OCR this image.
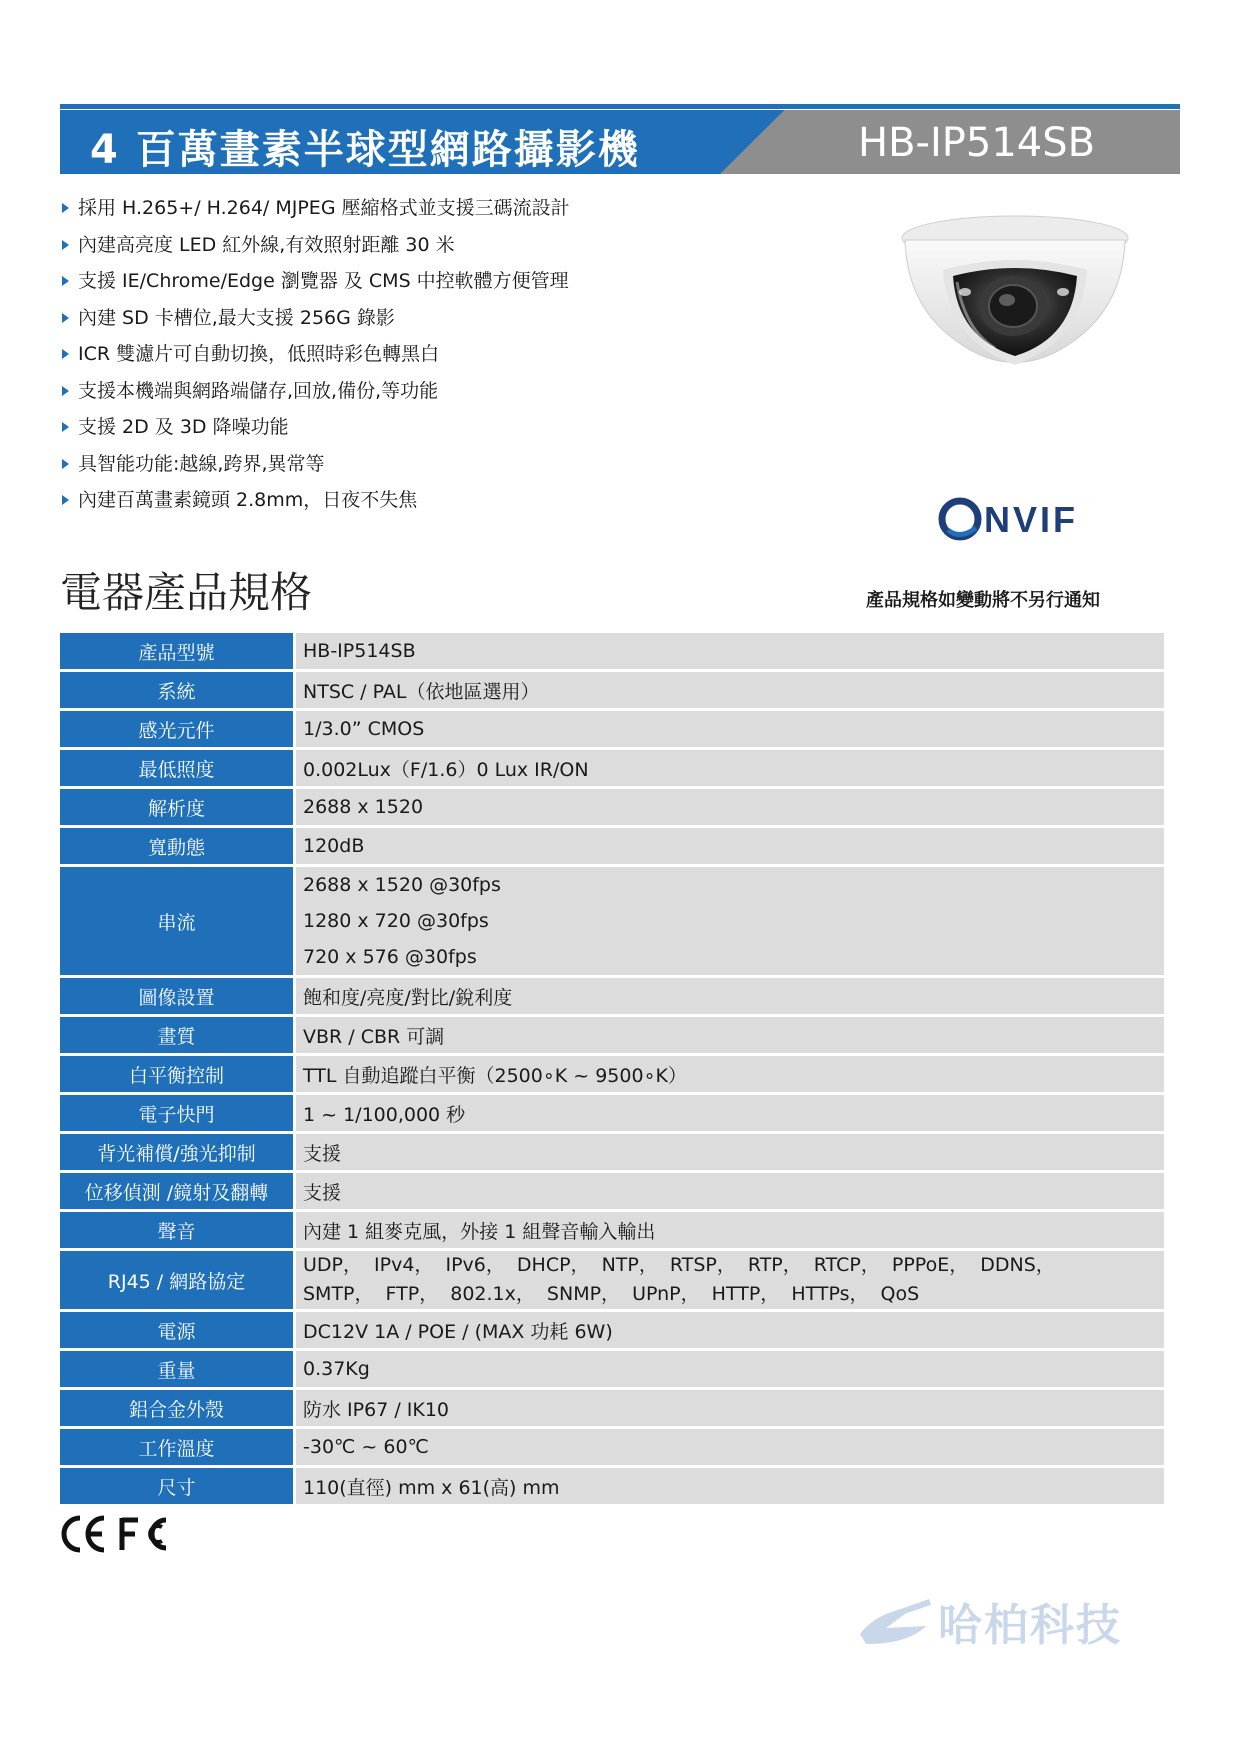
4 百萬畫素半球型網路攝影機	HB-IP514SB
採用 H.265+/ H.264/ MJPEG 壓縮格式並支援三碼流設計
內建高亮度 LED 紅外線,有效照射距離 30 米
支援 IE/Chrome/Edge 瀏覽器 及 CMS 中控軟體方便管理
內建 SD 卡槽位,最大支援 256G 錄影
ICR 雙濾片可自動切換，低照時彩色轉黑白
支援本機端與網路端儲存,回放,備份,等功能
支援 2D 及 3D 降噪功能
具智能功能:越線,跨界,異常等
內建百萬畫素鏡頭 2.8mm，日夜不失焦	NVIF
電器產品規格	產品規格如變動將不另行通知
產品型號	HB-IP514SB
系統	NTSC / PAL（依地區選用）
感光元件	1/3.0” CMOS
最低照度	0.002Lux（F/1.6）0 Lux IR/ON
解析度	2688 x 1520
寬動態	120dB
串流	2688 x 1520 @30fps
1280 x 720 @30fps
720 x 576 @30fps

圖像設置	飽和度/亮度/對比/銳利度
畫質	VBR / CBR 可調
白平衡控制	TTL 自動追蹤白平衡（2500∘K ~ 9500∘K）
電子快門	1 ~ 1/100,000 秒
背光補償/強光抑制	支援
位移偵測 /鏡射及翻轉	支援
聲音	內建 1 組麥克風，外接 1 組聲音輸入輸出
RJ45 / 網路協定	UDP， IPv4， IPv6， DHCP， NTP， RTSP， RTP， RTCP， PPPoE， DDNS，
SMTP， FTP， 802.1x， SNMP， UPnP， HTTP， HTTPs， QoS

電源	DC12V 1A / POE / (MAX 功耗 6W)
重量	0.37Kg
鋁合金外殼	防水 IP67 / IK10
工作溫度	-30℃ ~ 60℃
尺寸	110(直徑) mm x 61(高) mm
哈柏科技
